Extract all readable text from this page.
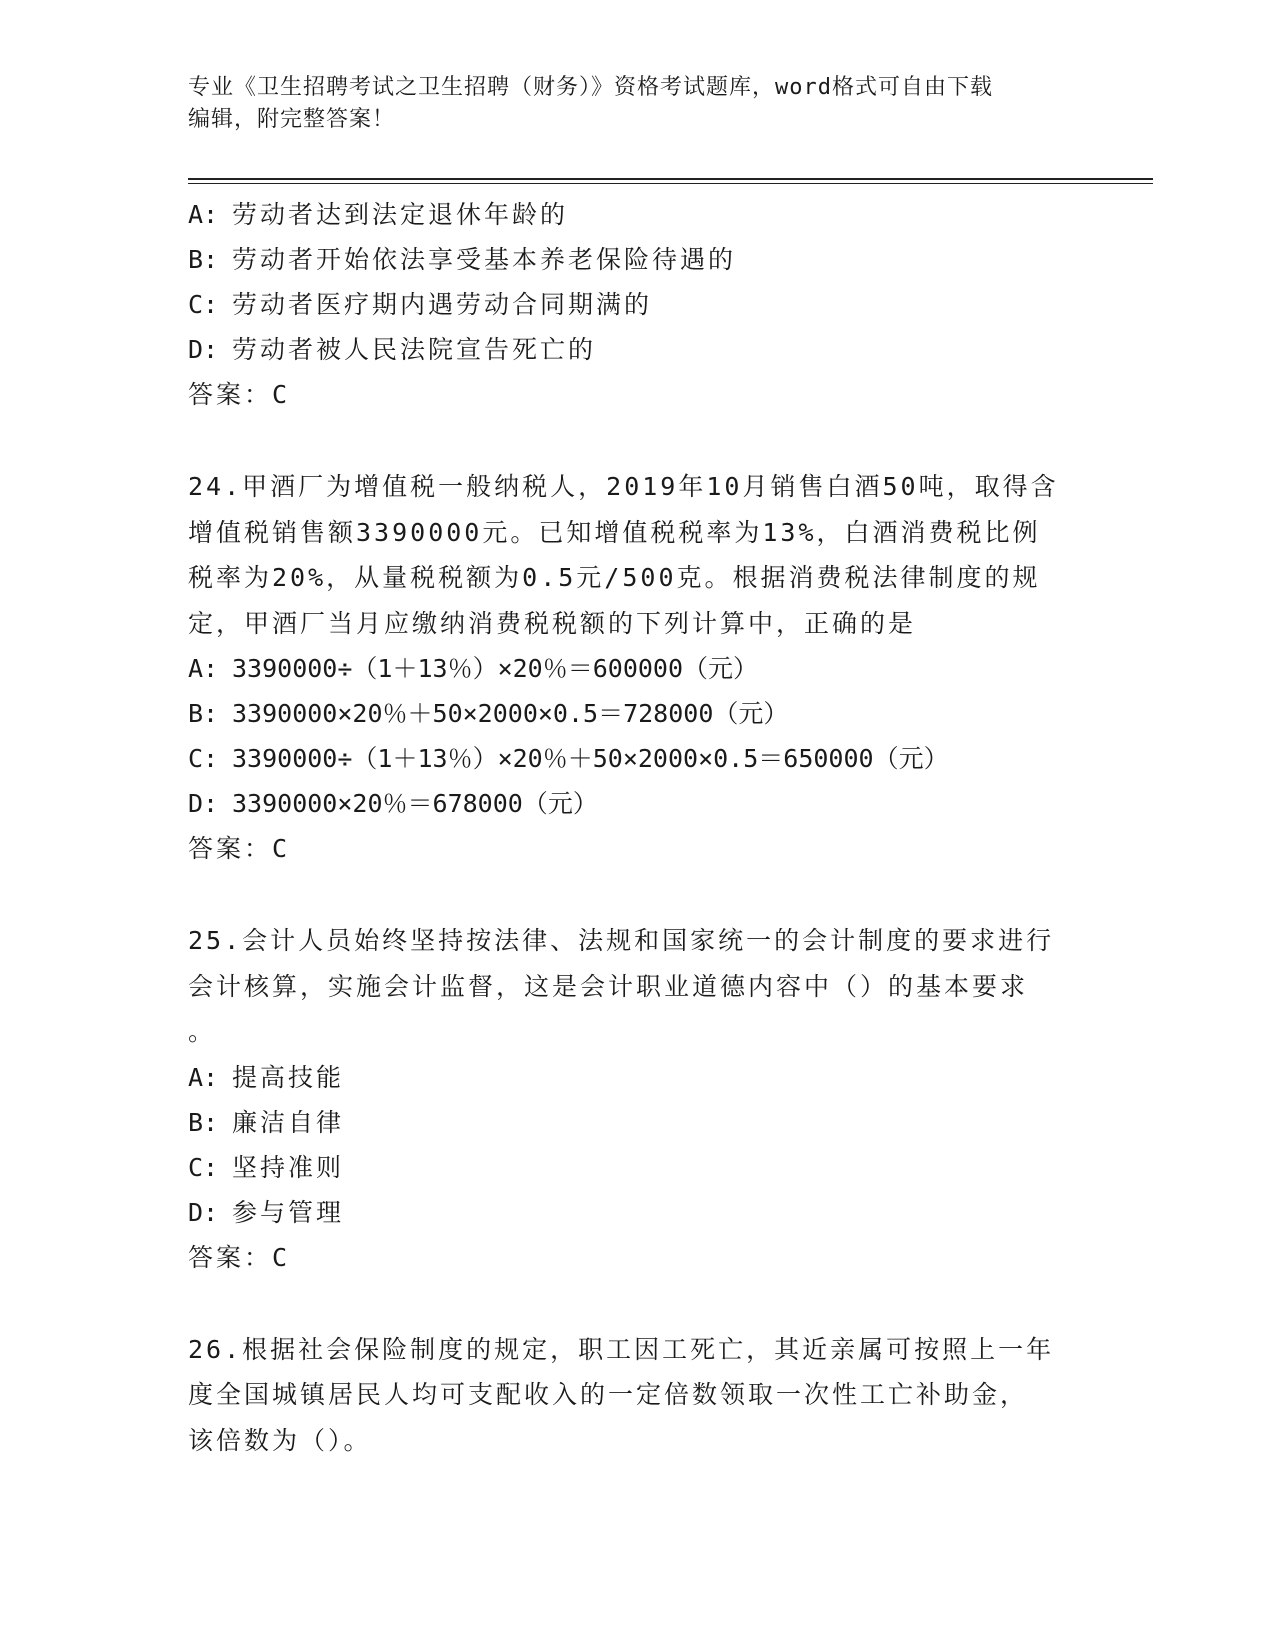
专业《卫生招聘考试之卫生招聘（财务）》资格考试题库，word格式可自由下载
编辑，附完整答案！
A: 劳动者达到法定退休年龄的
B: 劳动者开始依法享受基本养老保险待遇的
C: 劳动者医疗期内遇劳动合同期满的
D: 劳动者被人民法院宣告死亡的
答案：C
24.甲酒厂为增值税一般纳税人，2019年10月销售白酒50吨，取得含
增值税销售额3390000元。已知增值税税率为13%，白酒消费税比例
税率为20%，从量税税额为0.5元/500克。根据消费税法律制度的规
定，甲酒厂当月应缴纳消费税税额的下列计算中，正确的是
A: 3390000÷（1＋13％）×20％＝600000（元）
B: 3390000×20％＋50×2000×0.5＝728000（元）
C: 3390000÷（1＋13％）×20％＋50×2000×0.5＝650000（元）
D: 3390000×20％＝678000（元）
答案：C
25.会计人员始终坚持按法律、法规和国家统一的会计制度的要求进行
会计核算，实施会计监督，这是会计职业道德内容中（）的基本要求
。
A: 提高技能
B: 廉洁自律
C: 坚持准则
D: 参与管理
答案：C
26.根据社会保险制度的规定，职工因工死亡，其近亲属可按照上一年
度全国城镇居民人均可支配收入的一定倍数领取一次性工亡补助金，
该倍数为（）。
